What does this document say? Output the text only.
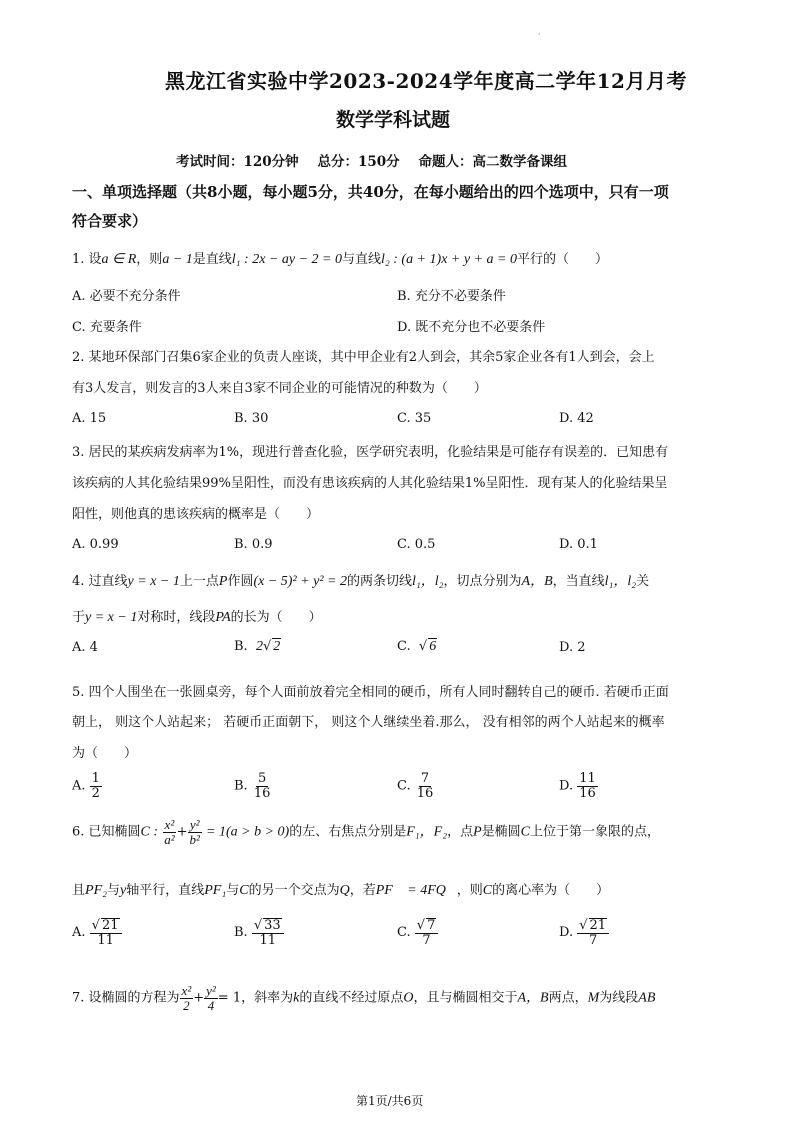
·
黑龙江省实验中学2023-2024学年度高二学年12月月考
数学学科试题
考试时间：120分钟    总分：150分    命题人：高二数学备课组
一、单项选择题（共8小题，每小题5分，共40分，在每小题给出的四个选项中，只有一项
符合要求）
1. 设a ∈ R，则a − 1是直线l₁ : 2x − ay − 2 = 0与直线l₂ : (a + 1)x + y + a = 0平行的（　　）
A. 必要不充分条件	B. 充分不必要条件
C. 充要条件	D. 既不充分也不必要条件
2. 某地环保部门召集6家企业的负责人座谈，其中甲企业有2人到会，其余5家企业各有1人到会，会上
有3人发言，则发言的3人来自3家不同企业的可能情况的种数为（　　）
A. 15	B. 30	C. 35	D. 42
3. 居民的某疾病发病率为1%，现进行普查化验，医学研究表明，化验结果是可能存有误差的．已知患有
该疾病的人其化验结果99%呈阳性，而没有患该疾病的人其化验结果1%呈阳性．现有某人的化验结果呈
阳性，则他真的患该疾病的概率是（　　）
A. 0.99	B. 0.9	C. 0.5	D. 0.1
4. 过直线y = x − 1上一点P作圆(x − 5)² + y² = 2的两条切线l₁，l₂，切点分别为A，B，当直线l₁，l₂关
于y = x − 1对称时，线段PA的长为（　　）
A. 4	B. 2√ 2	C.  √ 6	D. 2
5. 四个人围坐在一张圆桌旁，每个人面前放着完全相同的硬币，所有人同时翻转自己的硬币. 若硬币正面
朝上， 则这个人站起来； 若硬币正面朝下， 则这个人继续坐着.那么， 没有相邻的两个人站起来的概率
为（　　）
A. $\frac{1}{2}$	B. $\frac{5}{16}$	C. $\frac{7}{16}$	D. $\frac{11}{16}$
6. 已知椭圆C : $\frac{\text{x²}}{\text{a²}} + \frac{\text{y²}}{\text{b²}} = 1(a > b > 0)$的左、右焦点分别是F₁，F₂，点P是椭圆C上位于第一象限的点，
且PF₂与y轴平行，直线PF₁与C的另一个交点为Q，若PF⃗ = 4FQ⃗，则C的离心率为（　　）
A. $\frac{√ 21}{11}$	B. $\frac{√ 33}{11}$	C. $\frac{√ 7}{7}$	D. $\frac{√ 21}{7}$
7. 设椭圆的方程为 $\frac{\text{x²}}{2} + \frac{\text{y²}}{4} = 1$，斜率为k的直线不经过原点O，且与椭圆相交于A，B两点，M为线段AB
第1页/共6页
